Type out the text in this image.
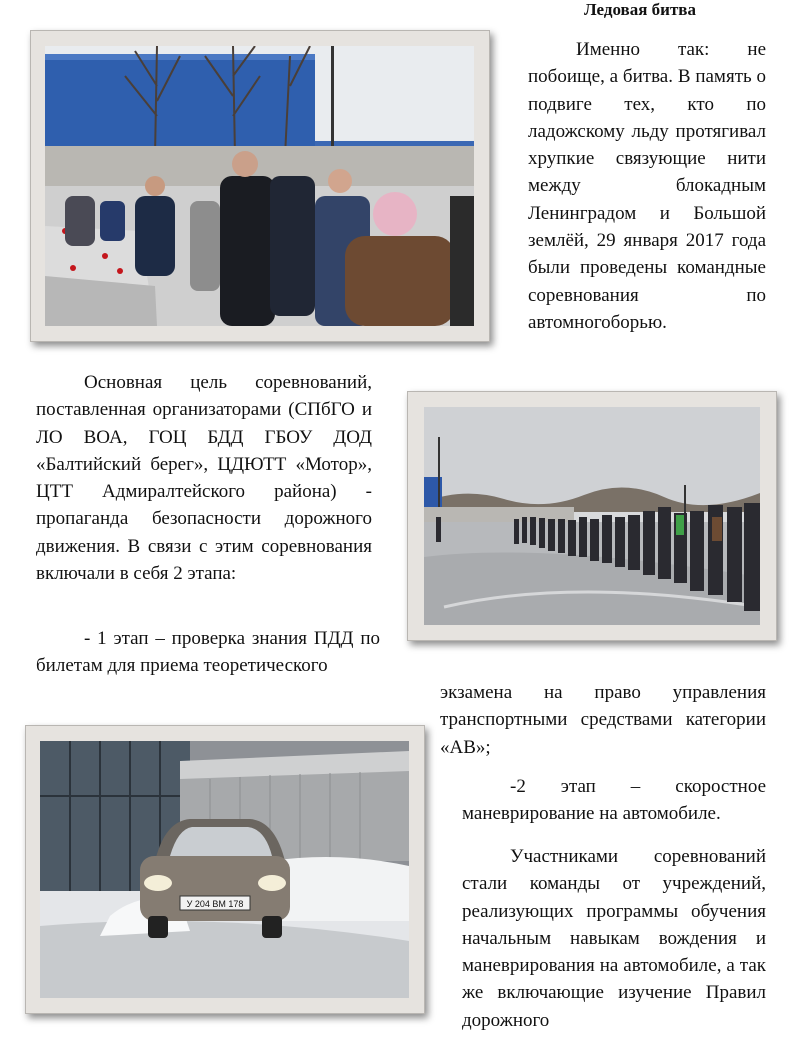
Ледовая битва
Именно так: не побоище, а битва. В память о подвиге тех, кто по ладожскому льду протягивал хрупкие связующие нити между блокадным Ленинградом и Большой землёй, 29 января 2017 года были проведены командные соревнования по автомногоборью.
Основная цель соревнований, поставленная организаторами (СПбГО и ЛО ВОА, ГОЦ БДД ГБОУ ДОД «Балтийский берег», ЦДЮТТ «Мотор», ЦТТ Адмиралтейского района) - пропаганда безопасности дорожного движения. В связи с этим соревнования включали в себя 2 этапа:
- 1 этап – проверка знания ПДД по билетам для приема теоретического
экзамена на право управления транспортными средствами категории «АВ»;
-2 этап – скоростное маневрирование на автомобиле.
Участниками соревнований стали команды от учреждений, реализующих программы обучения начальным навыкам вождения и маневрирования на автомобиле, а так же включающие изучение Правил дорожного
У 204 ВМ 178
